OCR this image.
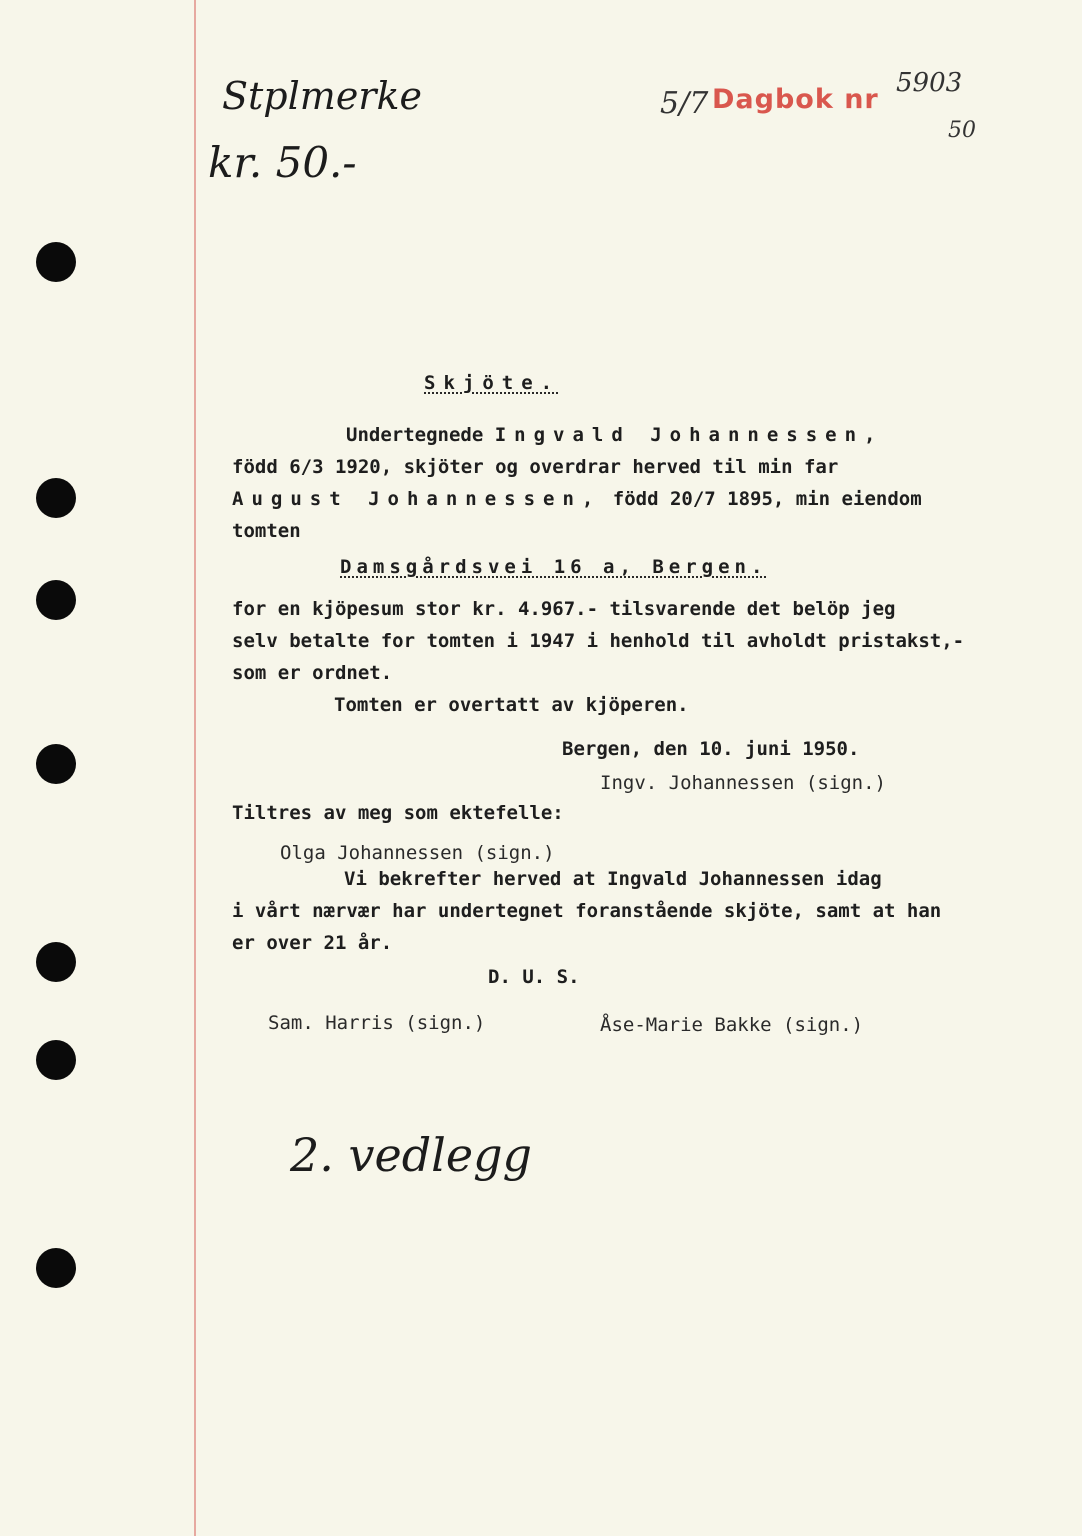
Stplmerke
kr. 50.-
5/7 Dagbok nr
5903
50
Skjöte.
Undertegnede Ingvald Johannessen,
född 6/3 1920, skjöter og overdrar herved til min far
August Johannessen, född 20/7 1895, min eiendom
tomten
Damsgårdsvei 16 a, Bergen.
for en kjöpesum stor kr. 4.967.- tilsvarende det belöp jeg
selv betalte for tomten i 1947 i henhold til avholdt pristakst,-
som er ordnet.
Tomten er overtatt av kjöperen.
Bergen, den 10. juni 1950.
Ingv. Johannessen (sign.)
Tiltres av meg som ektefelle:
Olga Johannessen (sign.)
Vi bekrefter herved at Ingvald Johannessen idag
i vårt nærvær har undertegnet foranstående skjöte, samt at han
er over 21 år.
D. U. S.
Sam. Harris (sign.)	Åse-Marie Bakke (sign.)
2. vedlegg
